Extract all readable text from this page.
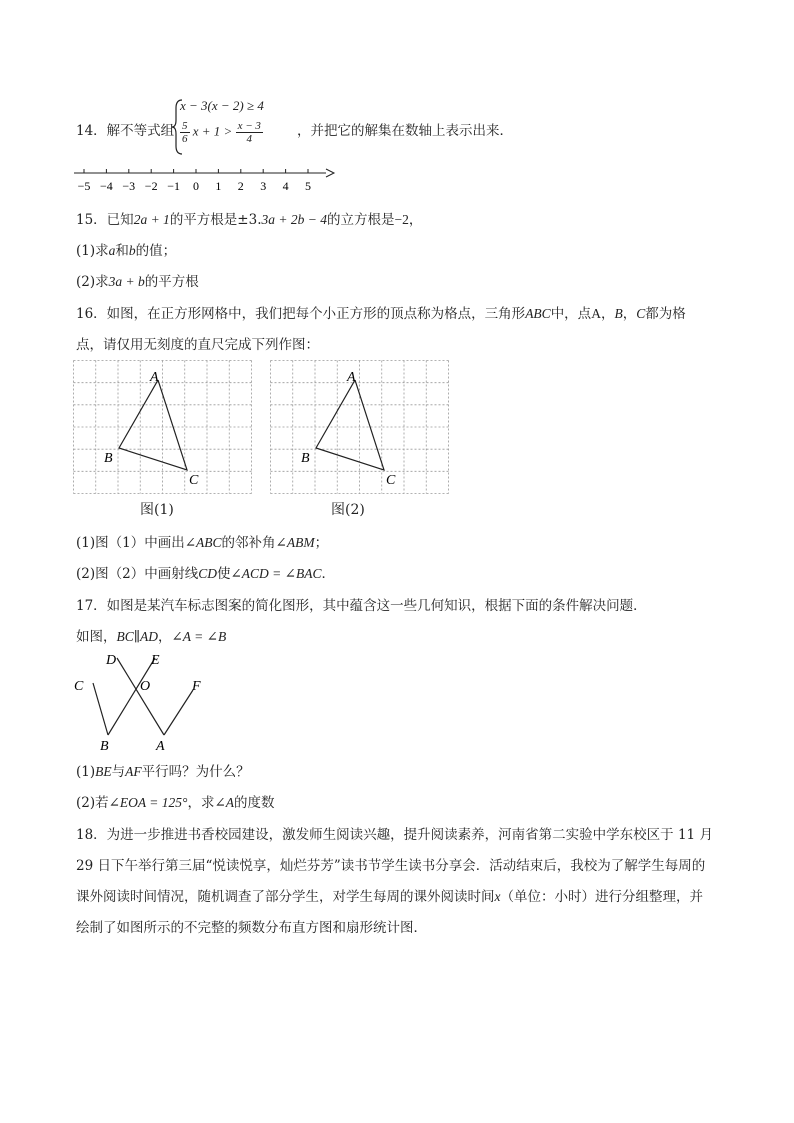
14．解不等式组
x − 3(x − 2) ≥ 4
$\frac{5}{6}$ $x + 1 > \frac{x - 3}{4}$	，并把它的解集在数轴上表示出来．
−5 −4 −3 −2 −1 0 1 2 3 4 5
15．已知2a + 1的平方根是±3.3a + 2b − 4的立方根是−2，
(1)求a和b的值；
(2)求3a + b的平方根
16．如图，在正方形网格中，我们把每个小正方形的顶点称为格点，三角形ABC中，点A，B，C都为格
点，请仅用无刻度的直尺完成下列作图：
A
B
C
A
B
C
图(1)	图(2)
(1)图（1）中画出∠ABC的邻补角∠ABM；
(2)图（2）中画射线CD使∠ACD = ∠BAC．
17．如图是某汽车标志图案的简化图形，其中蕴含这一些几何知识，根据下面的条件解决问题．
如图，BC∥AD，∠A = ∠B
D E
C	O	F
B	A
(1)BE与AF平行吗？为什么？
(2)若∠EOA = 125°，求∠A的度数
18．为进一步推进书香校园建设，激发师生阅读兴趣，提升阅读素养，河南省第二实验中学东校区于 11 月
29 日下午举行第三届“悦读悦享，灿烂芬芳”读书节学生读书分享会．活动结束后，我校为了解学生每周的
课外阅读时间情况，随机调查了部分学生，对学生每周的课外阅读时间x（单位：小时）进行分组整理，并
绘制了如图所示的不完整的频数分布直方图和扇形统计图．
